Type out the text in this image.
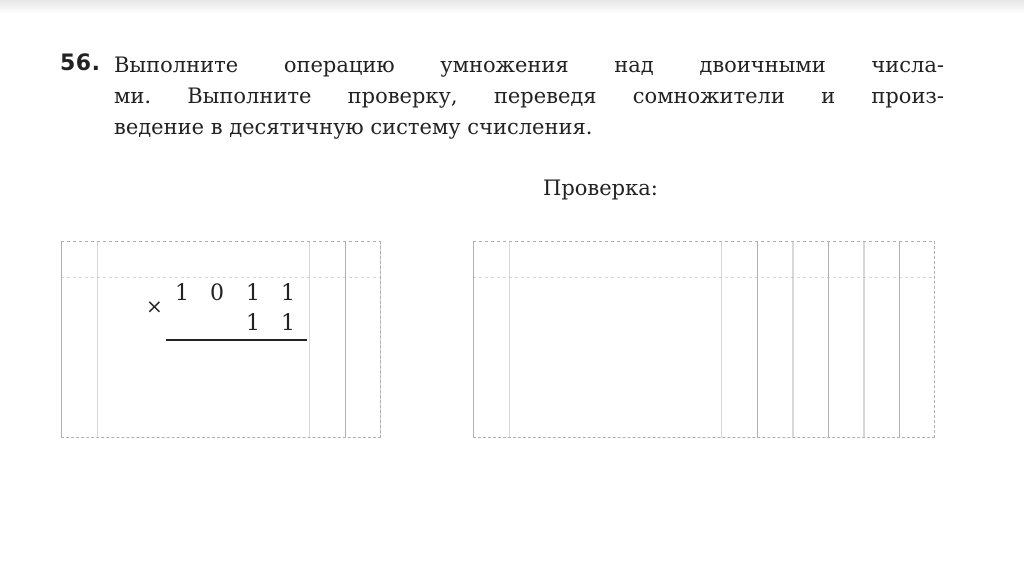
56. Выполните операцию умножения над двоичными числа-
ми. Выполните проверку, переведя сомножители и произ-
ведение в десятичную систему счисления.
Проверка:
× 1 0 1 1
1 1
